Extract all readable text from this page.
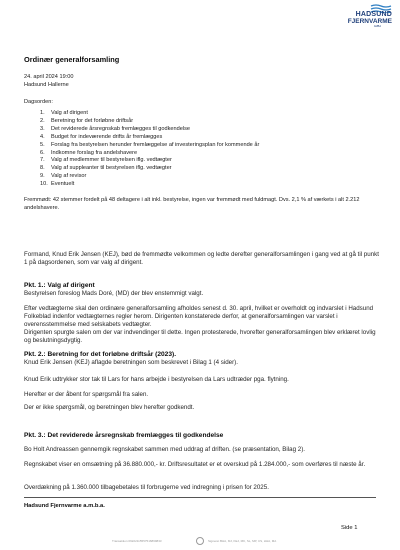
HADSUND
FJERNVARME
AMBA
Ordinær generalforsamling
24. april 2024 19:00
Hadsund Hallerne
Dagsorden:
1. Valg af dirigent
2. Beretning for det forløbne driftsår
3. Det reviderede årsregnskab fremlægges til godkendelse
4. Budget for indeværende drifts år fremlægges
5. Forslag fra bestyrelsen herunder fremlæggelse af investeringsplan for kommende år
6. Indkomne forslag fra andelshavere
7. Valg af medlemmer til bestyrelsen iflg. vedtægter
8. Valg af suppleanter til bestyrelsen iflg. vedtægter
9. Valg af revisor
10. Eventuelt
Fremmødt: 42 stemmer fordelt på 48 deltagere i alt inkl. bestyrelse, ingen var fremmødt med fuldmagt. Dvs. 2,1 % af værkets i alt 2.212 andelshavere.
Formand, Knud Erik Jensen (KEJ), bød de fremmødte velkommen og ledte derefter generalforsamlingen i gang ved at gå til punkt 1 på dagsordenen, som var valg af dirigent.
Pkt. 1.: Valg af dirigent
Bestyrelsen foreslog Mads Doré, (MD) der blev enstemmigt valgt.
Efter vedtægterne skal den ordinære generalforsamling afholdes senest d. 30. april, hvilket er overholdt og indvarslet i Hadsund Folkeblad indenfor vedtægternes regler herom. Dirigenten konstaterede derfor, at generalforsamlingen var varslet i overensstemmelse med selskabets vedtægter.
Dirigenten spurgte salen om der var indvendinger til dette. Ingen protesterede, hvorefter generalforsamlingen blev erklæret lovlig og beslutningsdygtig.
Pkt. 2.: Beretning for det forløbne driftsår (2023).
Knud Erik Jensen (KEJ) aflagde beretningen som beskrevet i Bilag 1 (4 sider).
Knud Erik udtrykker stor tak til Lars for hans arbejde i bestyrelsen da Lars udtræder pga. flytning.
Herefter er der åbent for spørgsmål fra salen.
Der er ikke spørgsmål, og beretningen blev herefter godkendt.
Pkt. 3.: Det reviderede årsregnskab fremlægges til godkendelse
Bo Holt Andreassen gennemgik regnskabet sammen med uddrag af driften. (se præsentation, Bilag 2).
Regnskabet viser en omsætning på 36.880.000,- kr. Driftsresultatet er et overskud på 1.284.000,- som overføres til næste år.
Overdækning på 1.360.000 tilbagebetales til forbrugerne ved indregning i prisen for 2025.
Hadsund Fjernvarme a.m.b.a.
Side 1
Transaktion 09222115557516869833	Signeret BHA, MJ, KEJ, MK, SL, MP, CS, HHA, MA
